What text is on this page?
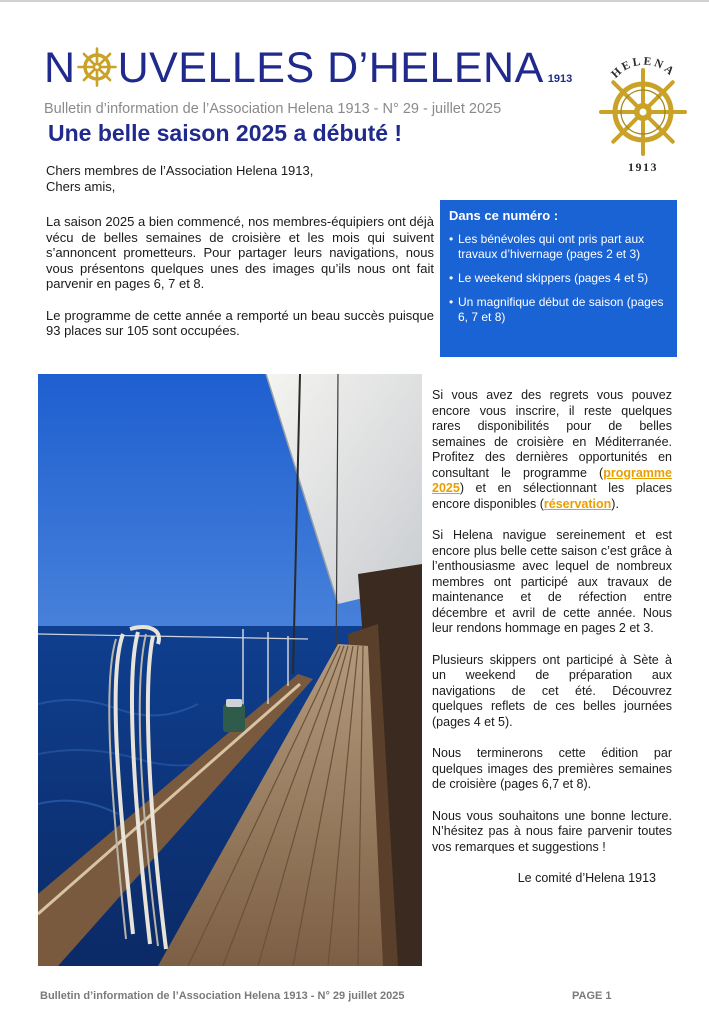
N UVELLES D’HELENA 1913
Bulletin d’information de l’Association Helena 1913 - N° 29 - juillet 2025
Une belle saison 2025 a débuté !
HELENA
1913

Chers membres de l’Association Helena 1913,

Chers amis,

La saison 2025 a bien commencé, nos membres-équipiers ont déjà vécu de belles semaines de croisière et les mois qui suivent s’annoncent prometteurs. Pour partager leurs navigations, nous vous présentons quelques unes des images qu’ils nous ont fait parvenir en pages 6, 7 et 8.

Le programme de cette année a remporté un beau succès puisque 93 places sur 105 sont occupées.

Dans ce numéro :
• Les bénévoles qui ont pris part aux travaux d’hivernage (pages 2 et 3)
• Le weekend skippers (pages 4 et 5)
• Un magnifique début de saison (pages 6, 7 et 8)

Si vous avez des regrets vous pouvez encore vous inscrire, il reste quelques rares disponibilités pour de belles semaines de croisière en Méditerranée. Profitez des dernières opportunités en consultant le programme (programme 2025) et en sélectionnant les places encore disponibles (réservation).

Si Helena navigue sereinement et est encore plus belle cette saison c’est grâce à l’enthousiasme avec lequel de nombreux membres ont participé aux travaux de maintenance et de réfection entre décembre et avril de cette année. Nous leur rendons hommage en pages 2 et 3.

Plusieurs skippers ont participé à Sète à un weekend de préparation aux navigations de cet été. Découvrez quelques reflets de ces belles journées (pages 4 et 5).

Nous terminerons cette édition par quelques images des premières semaines de croisière (pages 6,7 et 8).

Nous vous souhaitons une bonne lecture. N’hésitez pas à nous faire parvenir toutes vos remarques et suggestions !

Le comité d’Helena 1913
Bulletin d’information de l’Association Helena 1913 - N° 29 juillet 2025	PAGE 1
